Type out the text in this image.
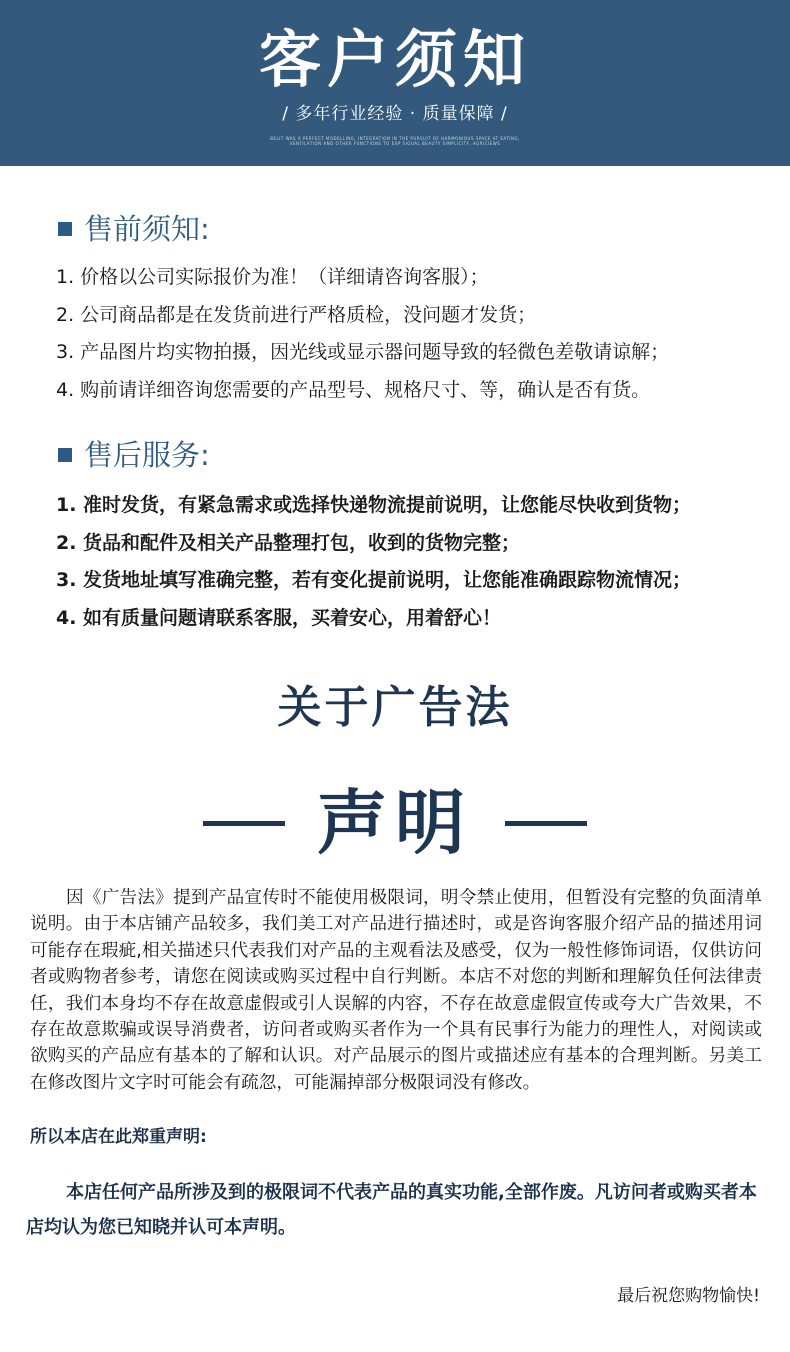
客户须知
/ 多年行业经验 · 质量保障 /
BELIT WAS A PERFECT MODELLING, INTEGRATION IN THE PURSUIT OF HARMONIOUS SPACE AT EATING, VENTILATION AND OTHER FUNCTIONS TO EXP SIGUAL BEAUTY SIMPLICITY, AGRICIEWS
售前须知:
1. 价格以公司实际报价为准！（详细请咨询客服）；
2. 公司商品都是在发货前进行严格质检，没问题才发货；
3. 产品图片均实物拍摄，因光线或显示器问题导致的轻微色差敬请谅解；
4. 购前请详细咨询您需要的产品型号、规格尺寸、等，确认是否有货。
售后服务:
1. 准时发货，有紧急需求或选择快递物流提前说明，让您能尽快收到货物；
2. 货品和配件及相关产品整理打包，收到的货物完整；
3. 发货地址填写准确完整，若有变化提前说明，让您能准确跟踪物流情况；
4. 如有质量问题请联系客服，买着安心，用着舒心！
关于广告法
声明
因《广告法》提到产品宣传时不能使用极限词，明令禁止使用，但暂没有完整的负面清单说明。由于本店铺产品较多，我们美工对产品进行描述时，或是咨询客服介绍产品的描述用词可能存在瑕疵,相关描述只代表我们对产品的主观看法及感受，仅为一般性修饰词语，仅供访问者或购物者参考，请您在阅读或购买过程中自行判断。本店不对您的判断和理解负任何法律责任，我们本身均不存在故意虚假或引人误解的内容，不存在故意虚假宣传或夸大广告效果，不存在故意欺骗或误导消费者，访问者或购买者作为一个具有民事行为能力的理性人，对阅读或欲购买的产品应有基本的了解和认识。对产品展示的图片或描述应有基本的合理判断。另美工在修改图片文字时可能会有疏忽，可能漏掉部分极限词没有修改。
所以本店在此郑重声明:
本店任何产品所涉及到的极限词不代表产品的真实功能,全部作废。凡访问者或购买者本店均认为您已知晓并认可本声明。
最后祝您购物愉快!
